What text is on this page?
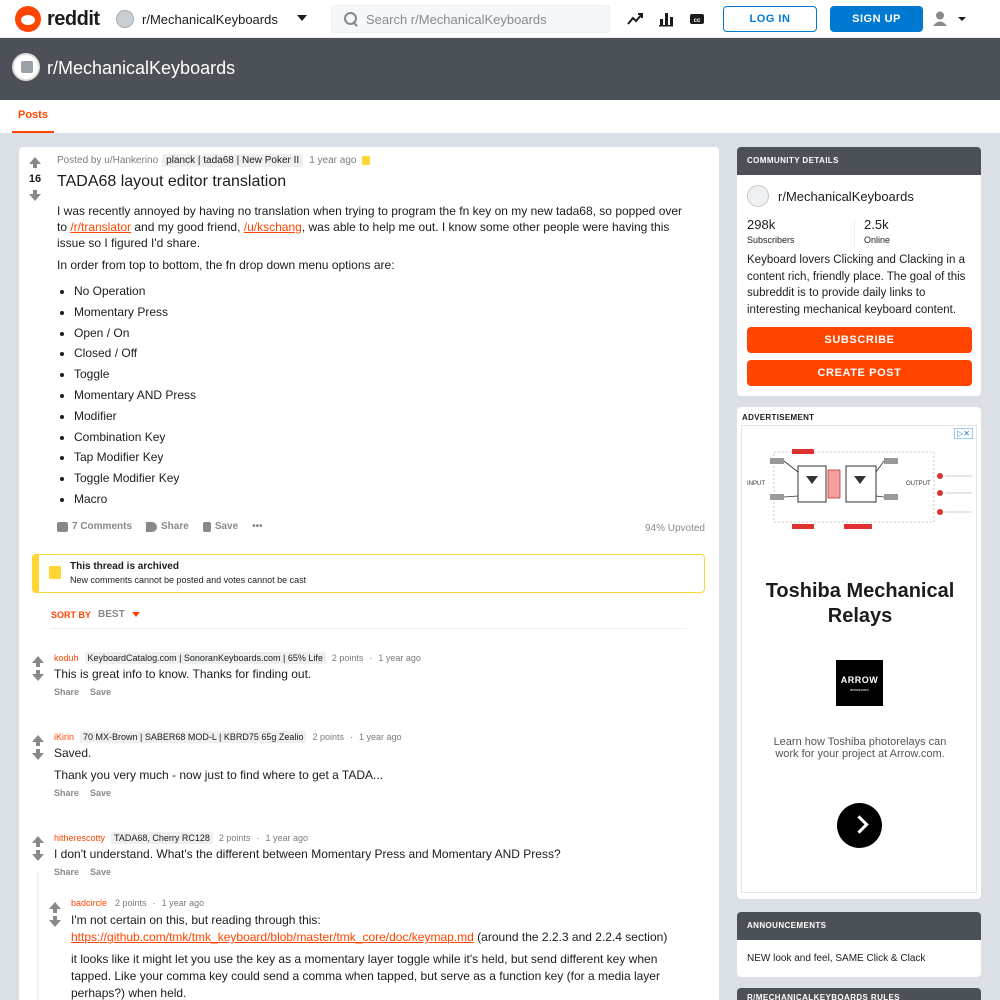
reddit	r/MechanicalKeyboards
Search r/MechanicalKeyboards	cc	LOG IN	SIGN UP
r/MechanicalKeyboards
Posts
16
Posted by u/Hankerino planck | tada68 | New Poker II	1 year ago
TADA68 layout editor translation

I was recently annoyed by having no translation when trying to program the fn key on my new tada68, so popped over to /r/translator and my good friend, /u/kschang, was able to help me out. I know some other people were having this issue so I figured I'd share.

In order from top to bottom, the fn drop down menu options are:

• No Operation
• Momentary Press
• Open / On
• Closed / Off
• Toggle
• Momentary AND Press
• Modifier
• Combination Key
• Tap Modifier Key
• Toggle Modifier Key
• Macro
7 Comments	Share	Save •••	94% Upvoted
This thread is archived
New comments cannot be posted and votes cannot be cast
SORT BY BEST
koduh	KeyboardCatalog.com | SonoranKeyboards.com | 65% Life	2 points · 1 year ago
This is great info to know. Thanks for finding out.
Share Save
iKirin	70 MX-Brown | SABER68 MOD-L | KBRD75 65g Zealio	2 points · 1 year ago
Saved.
Thank you very much - now just to find where to get a TADA...
Share Save
hitherescotty	TADA68, Cherry RC128	2 points · 1 year ago
I don't understand. What's the different between Momentary Press and Momentary AND Press?
Share Save
badcircle 2 points · 1 year ago
I'm not certain on this, but reading through this:
https://github.com/tmk/tmk_keyboard/blob/master/tmk_core/doc/keymap.md (around the 2.2.3 and 2.2.4 section)
it looks like it might let you use the key as a momentary layer toggle while it's held, but send different key when tapped. Like your comma key could send a comma when tapped, but serve as a function key (for a media layer perhaps?) when held.
COMMUNITY DETAILS
r/MechanicalKeyboards
298k
Subscribers
2.5k
Online
Keyboard lovers Clicking and Clacking in a content rich, friendly place. The goal of this subreddit is to provide daily links to interesting mechanical keyboard content.
SUBSCRIBE
CREATE POST
ADVERTISEMENT
▷✕
INPUT	OUTPUT
Toshiba Mechanical Relays
ARROW
arrow.com
Learn how Toshiba photorelays can work for your project at Arrow.com.
ANNOUNCEMENTS
NEW look and feel, SAME Click & Clack
R/MECHANICALKEYBOARDS RULES
